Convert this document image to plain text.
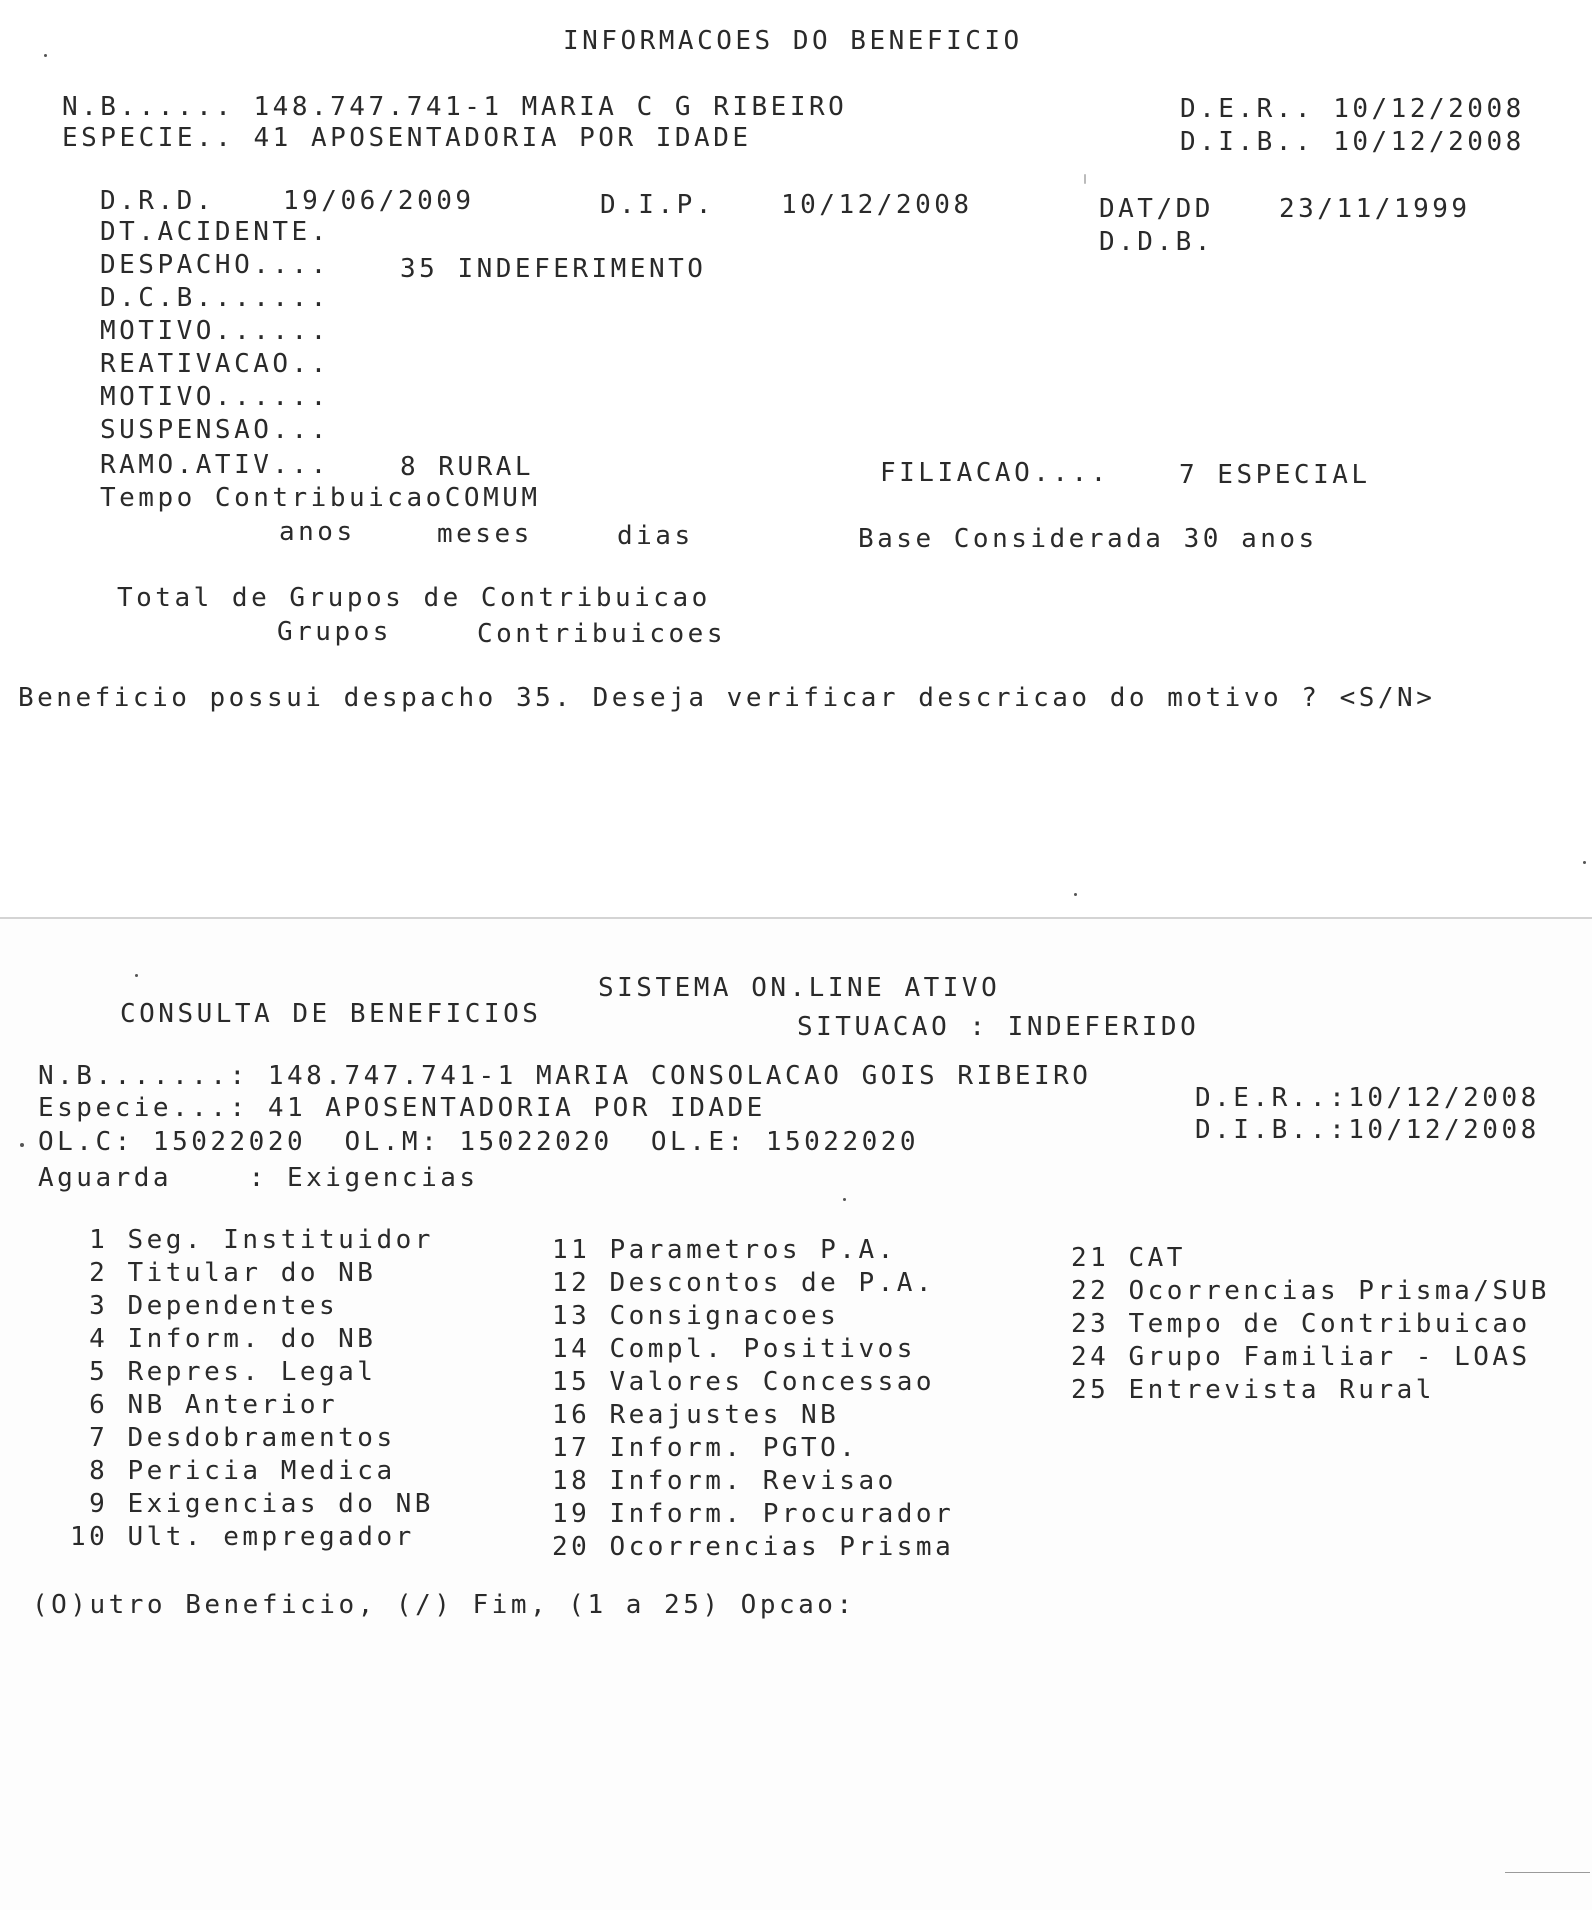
INFORMACOES DO BENEFICIO
N.B...... 148.747.741-1 MARIA C G RIBEIRO
ESPECIE.. 41 APOSENTADORIA POR IDADE
D.E.R.. 10/12/2008
D.I.B.. 10/12/2008
D.R.D.	19/06/2009	D.I.P.	10/12/2008	DAT/DD	23/11/1999
D.D.B.
DT.ACIDENTE.
DESPACHO....	35 INDEFERIMENTO
D.C.B.......
MOTIVO......
REATIVACAO..
MOTIVO......
SUSPENSAO...
RAMO.ATIV...	8 RURAL	FILIACAO....	7 ESPECIAL
Tempo ContribuicaoCOMUM
anos	meses	dias	Base Considerada 30 anos
Total de Grupos de Contribuicao
Grupos	Contribuicoes
Beneficio possui despacho 35. Deseja verificar descricao do motivo ? <S/N>
SISTEMA ON.LINE ATIVO
CONSULTA DE BENEFICIOS	SITUACAO : INDEFERIDO
N.B.......: 148.747.741-1 MARIA CONSOLACAO GOIS RIBEIRO
Especie...: 41 APOSENTADORIA POR IDADE
OL.C: 15022020  OL.M: 15022020  OL.E: 15022020
Aguarda    : Exigencias
D.E.R..:10/12/2008
D.I.B..:10/12/2008
1 Seg. Instituidor
2 Titular do NB
3 Dependentes
4 Inform. do NB
5 Repres. Legal
6 NB Anterior
7 Desdobramentos
8 Pericia Medica
9 Exigencias do NB
10 Ult. empregador
11 Parametros P.A.
12 Descontos de P.A.
13 Consignacoes
14 Compl. Positivos
15 Valores Concessao
16 Reajustes NB
17 Inform. PGTO.
18 Inform. Revisao
19 Inform. Procurador
20 Ocorrencias Prisma
21 CAT
22 Ocorrencias Prisma/SUB
23 Tempo de Contribuicao
24 Grupo Familiar - LOAS
25 Entrevista Rural
(O)utro Beneficio, (/) Fim, (1 a 25) Opcao:
